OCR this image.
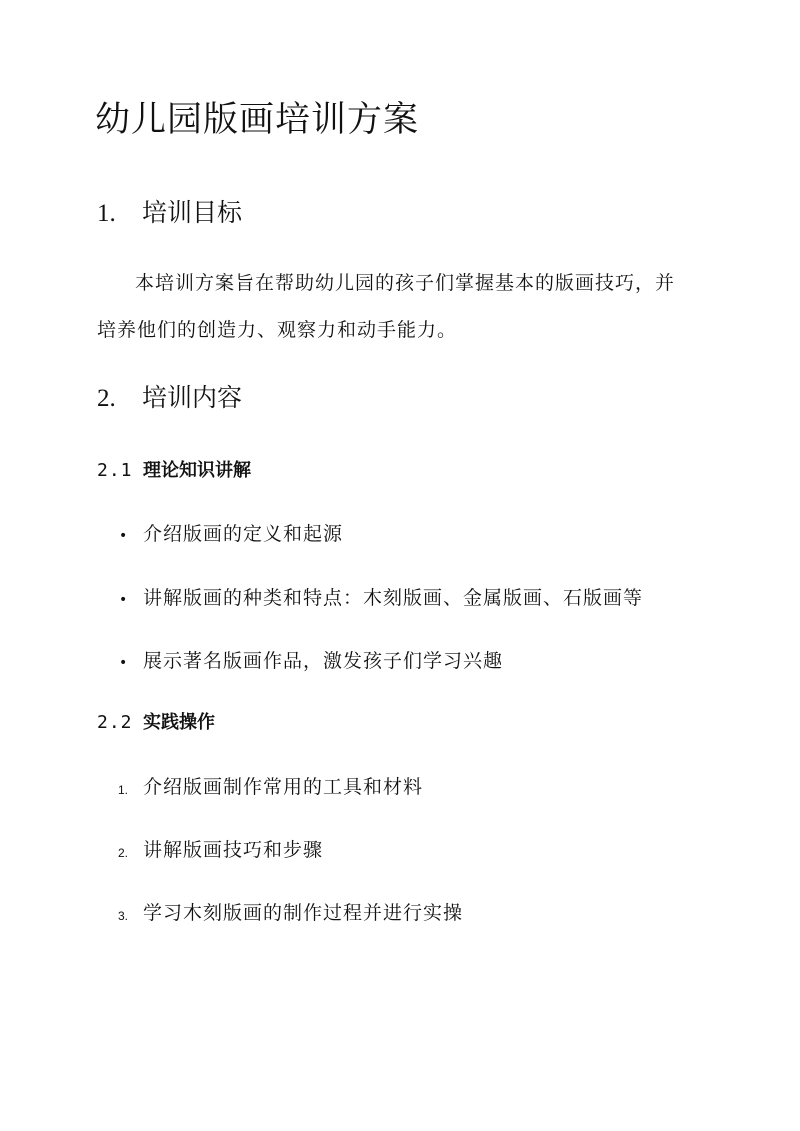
幼儿园版画培训方案
1. 培训目标

本培训方案旨在帮助幼儿园的孩子们掌握基本的版画技巧，并

培养他们的创造力、观察力和动手能力。

2. 培训内容
2.1 理论知识讲解
• 介绍版画的定义和起源
• 讲解版画的种类和特点：木刻版画、金属版画、石版画等
• 展示著名版画作品，激发孩子们学习兴趣
2.2 实践操作
1. 介绍版画制作常用的工具和材料
2. 讲解版画技巧和步骤
3. 学习木刻版画的制作过程并进行实操
